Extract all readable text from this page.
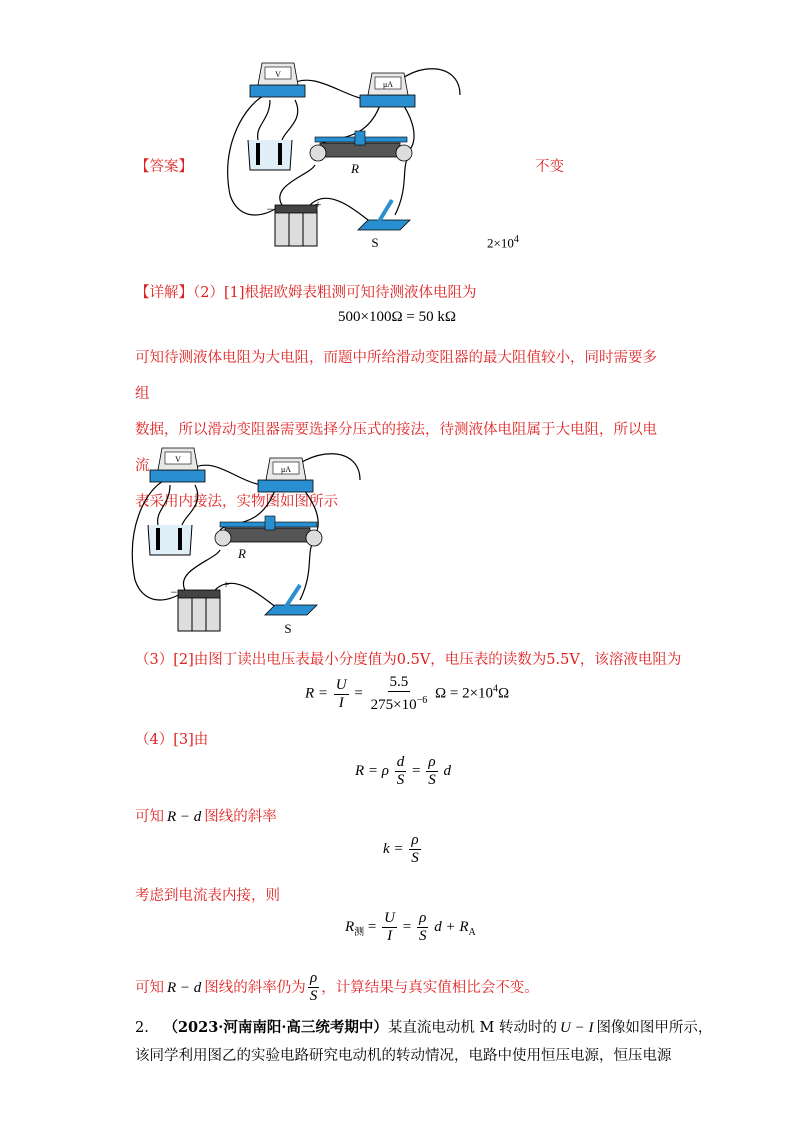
【答案】
V
μA
R
−	+
S
不变
$2\times 10^4$
【详解】（2）[1]根据欧姆表粗测可知待测液体电阻为
500×100Ω = 50 kΩ
可知待测液体电阻为大电阻，而题中所给滑动变阻器的最大阻值较小，同时需要多组
数据，所以滑动变阻器需要选择分压式的接法，待测液体电阻属于大电阻，所以电流
表采用内接法，实物图如图所示
V
μA
R
−
+
S
（3）[2]由图丁读出电压表最小分度值为0.5V，电压表的读数为5.5V，该溶液电阻为
$R = \frac{U}{I} = \frac{5.5}{275\times 10^{-6}}$ $\Omega = 2\times 10^4\Omega$
（4）[3]由
R = ρ $\frac{d}{S} = \frac{\rho}{S}$ d
可知 R − d 图线的斜率
$k = \frac{\rho}{S}$
考虑到电流表内接，则
$R_测 = \frac{U}{I} = \frac{\rho}{S}$ $d + R_A$
可知 R − d 图线的斜率仍为 $\frac{\rho}{S}$ ，计算结果与真实值相比会不变。
2. （2023·河南南阳·高三统考期中）某直流电动机 M 转动时的 U − I 图像如图甲所示，
该同学利用图乙的实验电路研究电动机的转动情况，电路中使用恒压电源，恒压电源
